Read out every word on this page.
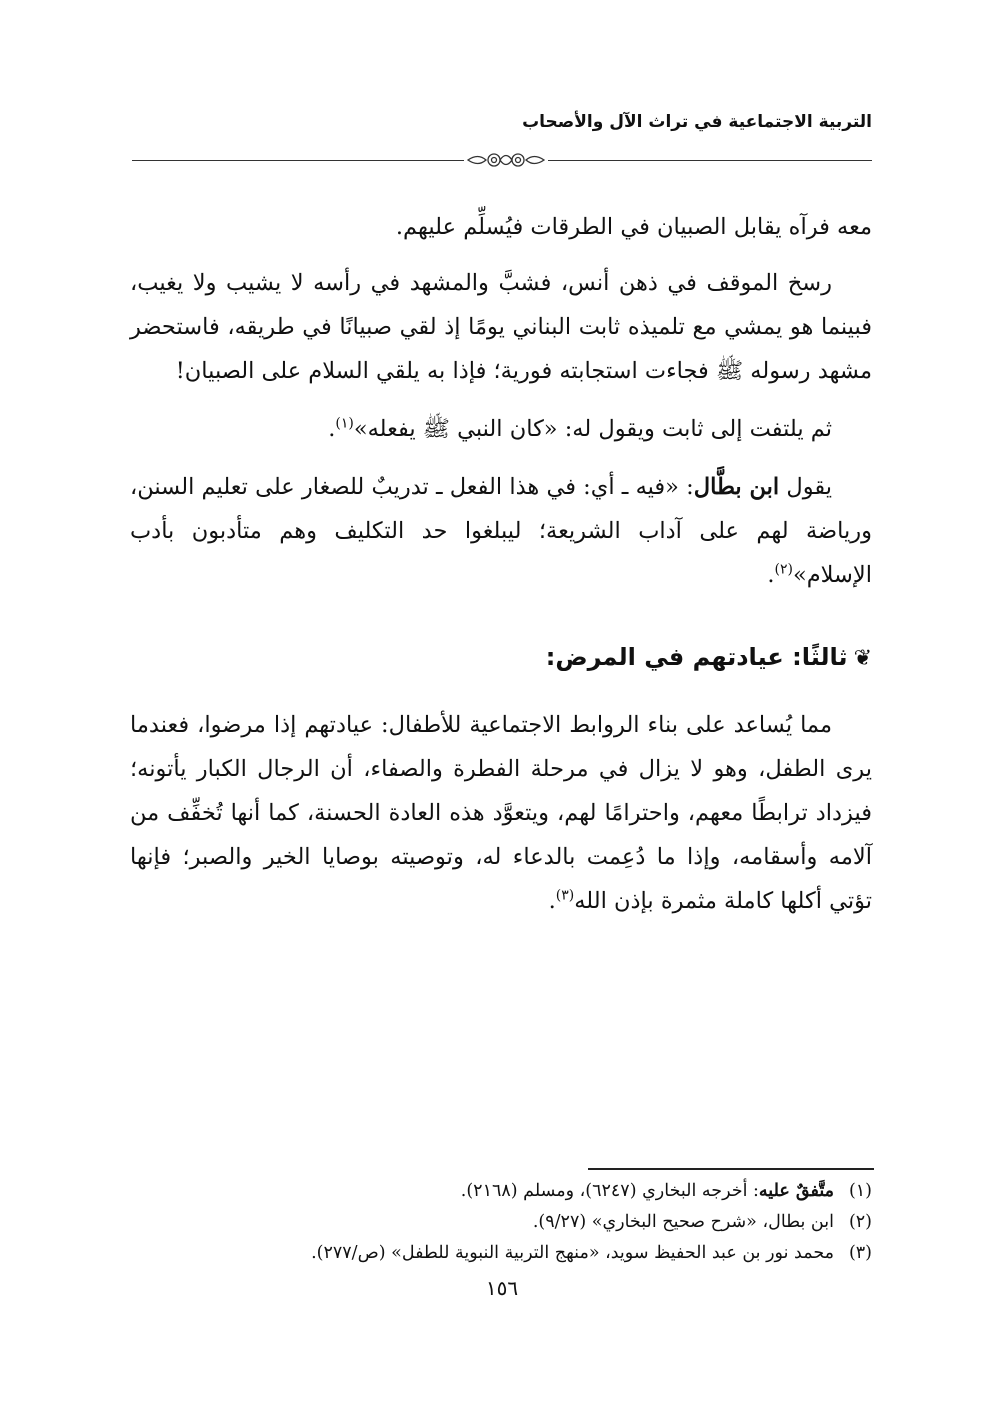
التربية الاجتماعية في تراث الآل والأصحاب

معه فرآه يقابل الصبيان في الطرقات فيُسلِّم عليهم.

رسخ الموقف في ذهن أنس، فشبَّ والمشهد في رأسه لا يشيب ولا يغيب، فبينما هو يمشي مع تلميذه ثابت البناني يومًا إذ لقي صبيانًا في طريقه، فاستحضر مشهد رسوله ﷺ فجاءت استجابته فورية؛ فإذا به يلقي السلام على الصبيان!

ثم يلتفت إلى ثابت ويقول له: «كان النبي ﷺ يفعله»$^{(١)}$.

يقول ابن بطَّال: «فيه ـ أي: في هذا الفعل ـ تدريبٌ للصغار على تعليم السنن، ورياضة لهم على آداب الشريعة؛ ليبلغوا حد التكليف وهم متأدبون بأدب الإسلام»$^{(٢)}$.

❦ثالثًا: عيادتهم في المرض:

مما يُساعد على بناء الروابط الاجتماعية للأطفال: عيادتهم إذا مرضوا، فعندما يرى الطفل، وهو لا يزال في مرحلة الفطرة والصفاء، أن الرجال الكبار يأتونه؛ فيزداد ترابطًا معهم، واحترامًا لهم، ويتعوَّد هذه العادة الحسنة، كما أنها تُخفِّف من آلامه وأسقامه، وإذا ما دُعِمت بالدعاء له، وتوصيته بوصايا الخير والصبر؛ فإنها تؤتي أكلها كاملة مثمرة بإذن الله$^{(٣)}$.

(١)متَّفقٌ عليه: أخرجه البخاري (٦٢٤٧)، ومسلم (٢١٦٨).

(٢)ابن بطال، «شرح صحيح البخاري» (٩/٢٧).

(٣)محمد نور بن عبد الحفيظ سويد، «منهج التربية النبوية للطفل» (ص/٢٧٧).

١٥٦
